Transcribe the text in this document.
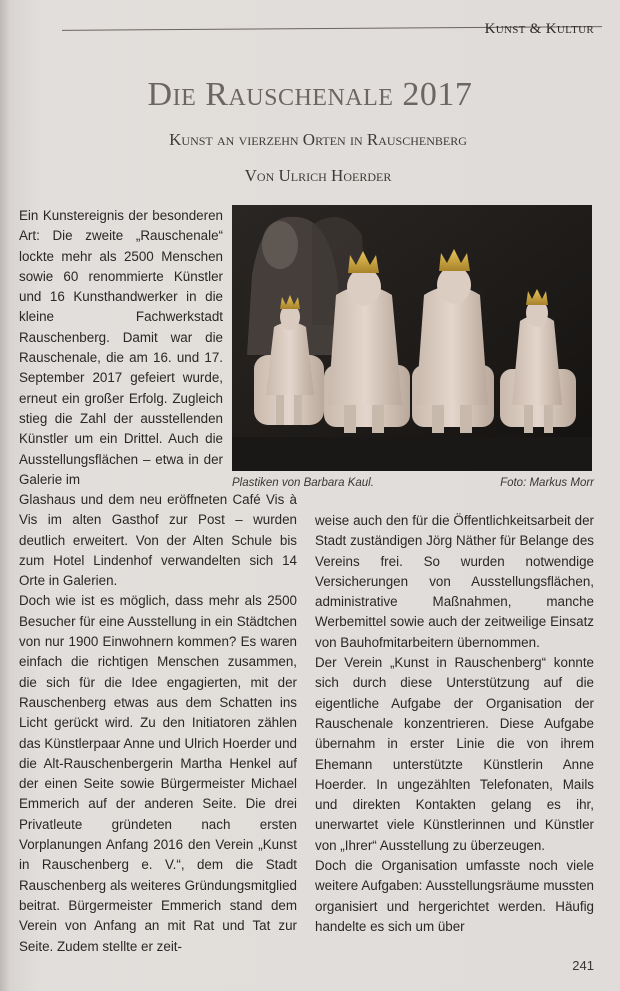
Kunst & Kultur
Die Rauschenale 2017
Kunst an vierzehn Orten in Rauschenberg
Von Ulrich Hoerder

Ein Kunstereignis der besonderen Art: Die zweite „Rauschenale“ lockte mehr als 2500 Menschen sowie 60 renommierte Künstler und 16 Kunsthandwerker in die kleine Fachwerkstadt Rauschenberg. Damit war die Rauschenale, die am 16. und 17. September 2017 gefeiert wurde, erneut ein großer Erfolg. Zugleich stieg die Zahl der ausstellenden Künstler um ein Drittel. Auch die Ausstellungsflächen – etwa in der Galerie im	Plastiken von Barbara Kaul.	Foto: Markus Morr

Glashaus und dem neu eröffneten Café Vis à Vis im alten Gasthof zur Post – wurden deutlich erweitert. Von der Alten Schule bis zum Hotel Lindenhof verwandelten sich 14 Orte in Galerien.

Doch wie ist es möglich, dass mehr als 2500 Besucher für eine Ausstellung in ein Städtchen von nur 1900 Einwohnern kommen? Es waren einfach die richtigen Menschen zusammen, die sich für die Idee engagierten, mit der Rauschenberg etwas aus dem Schatten ins Licht gerückt wird. Zu den Initiatoren zählen das Künstlerpaar Anne und Ulrich Hoerder und die Alt-Rauschenbergerin Martha Henkel auf der einen Seite sowie Bürgermeister Michael Emmerich auf der anderen Seite. Die drei Privatleute gründeten nach ersten Vorplanungen Anfang 2016 den Verein „Kunst in Rauschenberg e. V.“, dem die Stadt Rauschenberg als weiteres Gründungsmitglied beitrat. Bürgermeister Emmerich stand dem Verein von Anfang an mit Rat und Tat zur Seite. Zudem stellte er zeit-

weise auch den für die Öffentlichkeitsarbeit der Stadt zuständigen Jörg Näther für Belange des Vereins frei. So wurden notwendige Versicherungen von Ausstellungsflächen, administrative Maßnahmen, manche Werbemittel sowie auch der zeitweilige Einsatz von Bauhofmitarbeitern übernommen.

Der Verein „Kunst in Rauschenberg“ konnte sich durch diese Unterstützung auf die eigentliche Aufgabe der Organisation der Rauschenale konzentrieren. Diese Aufgabe übernahm in erster Linie die von ihrem Ehemann unterstützte Künstlerin Anne Hoerder. In ungezählten Telefonaten, Mails und direkten Kontakten gelang es ihr, unerwartet viele Künstlerinnen und Künstler von „Ihrer“ Ausstellung zu überzeugen.

Doch die Organisation umfasste noch viele weitere Aufgaben: Ausstellungsräume mussten organisiert und hergerichtet werden. Häufig handelte es sich um über

241
